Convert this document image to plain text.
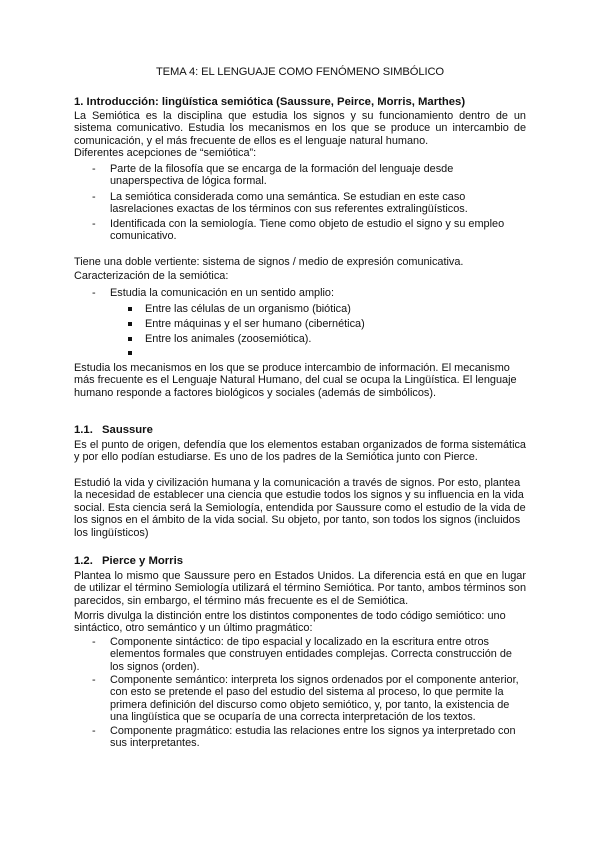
TEMA 4: EL LENGUAJE COMO FENÓMENO SIMBÓLICO
1. Introducción: lingüística semiótica (Saussure, Peirce, Morris, Marthes)
La Semiótica es la disciplina que estudia los signos y su funcionamiento dentro de un sistema comunicativo. Estudia los mecanismos en los que se produce un intercambio de comunicación, y el más frecuente de ellos es el lenguaje natural humano.
Diferentes acepciones de “semiótica”:
- Parte de la filosofía que se encarga de la formación del lenguaje desde unaperspectiva de lógica formal.
- La semiótica considerada como una semántica. Se estudian en este caso lasrelaciones exactas de los términos con sus referentes extralingüísticos.
- Identificada con la semiología. Tiene como objeto de estudio el signo y su empleo comunicativo.
Tiene una doble vertiente: sistema de signos / medio de expresión comunicativa.
Caracterización de la semiótica:
- Estudia la comunicación en un sentido amplio:
Entre las células de un organismo (biótica)
Entre máquinas y el ser humano (cibernética)
Entre los animales (zoosemiótica).
Estudia los mecanismos en los que se produce intercambio de información. El mecanismo más frecuente es el Lenguaje Natural Humano, del cual se ocupa la Lingüística. El lenguaje humano responde a factores biológicos y sociales (además de simbólicos).
1.1. Saussure
Es el punto de origen, defendía que los elementos estaban organizados de forma sistemática y por ello podían estudiarse. Es uno de los padres de la Semiótica junto con Pierce.
Estudió la vida y civilización humana y la comunicación a través de signos. Por esto, plantea la necesidad de establecer una ciencia que estudie todos los signos y su influencia en la vida social. Esta ciencia será la Semiología, entendida por Saussure como el estudio de la vida de los signos en el ámbito de la vida social. Su objeto, por tanto, son todos los signos (incluidos los lingüísticos)
1.2. Pierce y Morris
Plantea lo mismo que Saussure pero en Estados Unidos. La diferencia está en que en lugar de utilizar el término Semiología utilizará el término Semiótica. Por tanto, ambos términos son parecidos, sin embargo, el término más frecuente es el de Semiótica.
Morris divulga la distinción entre los distintos componentes de todo código semiótico: uno sintáctico, otro semántico y un último pragmático:
- Componente sintáctico: de tipo espacial y localizado en la escritura entre otros elementos formales que construyen entidades complejas. Correcta construcción de los signos (orden).
- Componente semántico: interpreta los signos ordenados por el componente anterior, con esto se pretende el paso del estudio del sistema al proceso, lo que permite la primera definición del discurso como objeto semiótico, y, por tanto, la existencia de una lingüística que se ocuparía de una correcta interpretación de los textos.
- Componente pragmático: estudia las relaciones entre los signos ya interpretado con sus interpretantes.
